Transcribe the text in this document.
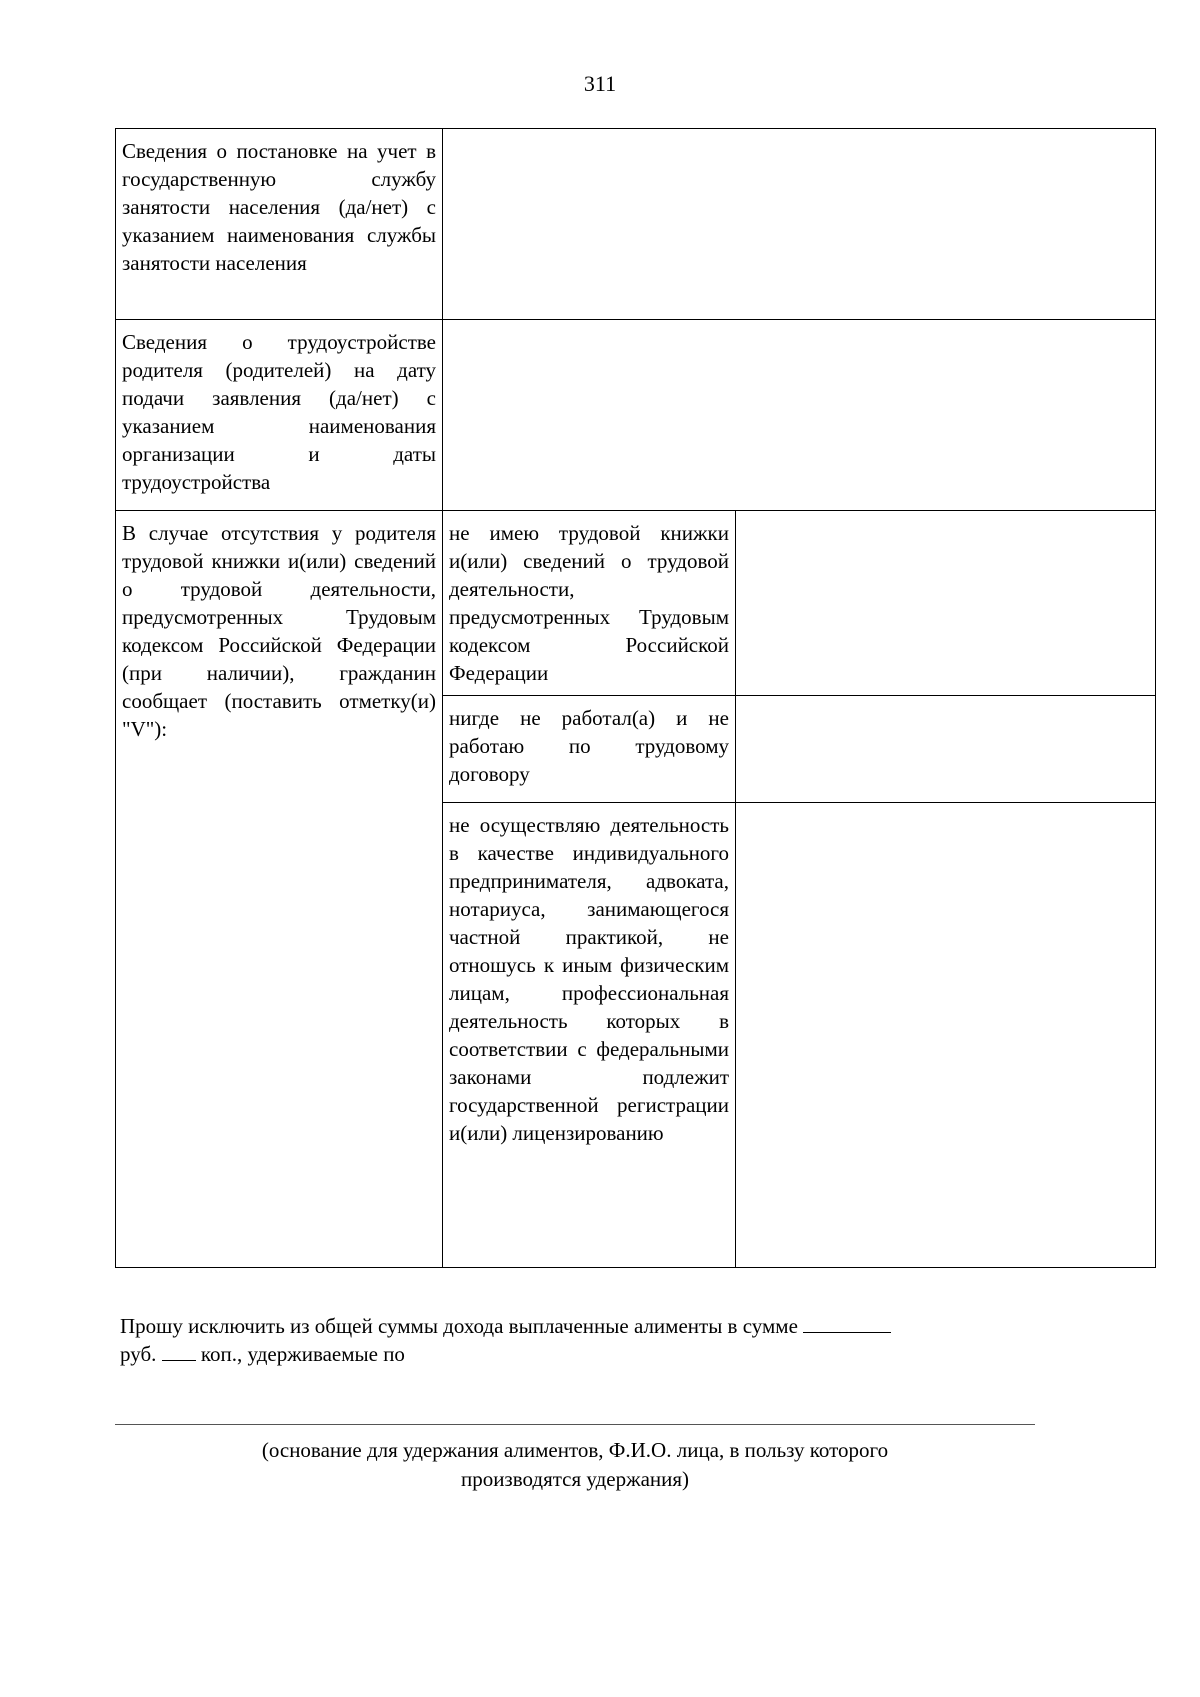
311
Сведения о постановке на учет в государственную службу занятости населения (да/нет) с указанием наименования службы занятости населения		
Сведения о трудоустройстве родителя (родителей) на дату подачи заявления (да/нет) с указанием наименования организации и даты трудоустройства		
В случае отсутствия у родителя трудовой книжки и(или) сведений о трудовой деятельности, предусмотренных Трудовым кодексом Российской Федерации (при наличии), гражданин сообщает (поставить отметку(и) "V"):	не имею трудовой книжки и(или) сведений о трудовой деятельности, предусмотренных Трудовым кодексом Российской Федерации	
	нигде не работал(а) и не работаю по трудовому договору	
	не осуществляю деятельность в качестве индивидуального предпринимателя, адвоката, нотариуса, занимающегося частной практикой, не отношусь к иным физическим лицам, профессиональная деятельность которых в соответствии с федеральными законами подлежит государственной регистрации и(или) лицензированию	
Прошу исключить из общей суммы дохода выплаченные алименты в сумме
руб. коп., удерживаемые по
(основание для удержания алиментов, Ф.И.О. лица, в пользу которого
производятся удержания)
